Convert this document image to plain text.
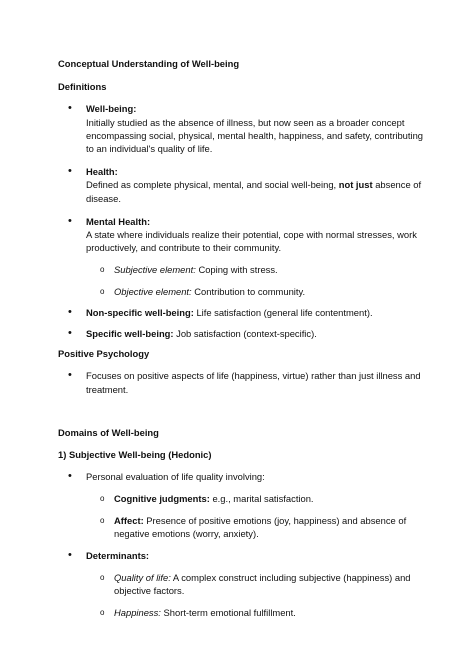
Conceptual Understanding of Well-being

Definitions

• Well-being:
Initially studied as the absence of illness, but now seen as a broader concept encompassing social, physical, mental health, happiness, and safety, contributing to an individual's quality of life.
• Health:
Defined as complete physical, mental, and social well-being, not just absence of disease.
• Mental Health:
A state where individuals realize their potential, cope with normal stresses, work productively, and contribute to their community.
o Subjective element: Coping with stress.
o Objective element: Contribution to community.
• Non-specific well-being: Life satisfaction (general life contentment).
• Specific well-being: Job satisfaction (context-specific).

Positive Psychology

• Focuses on positive aspects of life (happiness, virtue) rather than just illness and treatment.

Domains of Well-being

1) Subjective Well-being (Hedonic)

• Personal evaluation of life quality involving:
o Cognitive judgments: e.g., marital satisfaction.
o Affect: Presence of positive emotions (joy, happiness) and absence of negative emotions (worry, anxiety).
• Determinants:
o Quality of life: A complex construct including subjective (happiness) and objective factors.
o Happiness: Short-term emotional fulfillment.
